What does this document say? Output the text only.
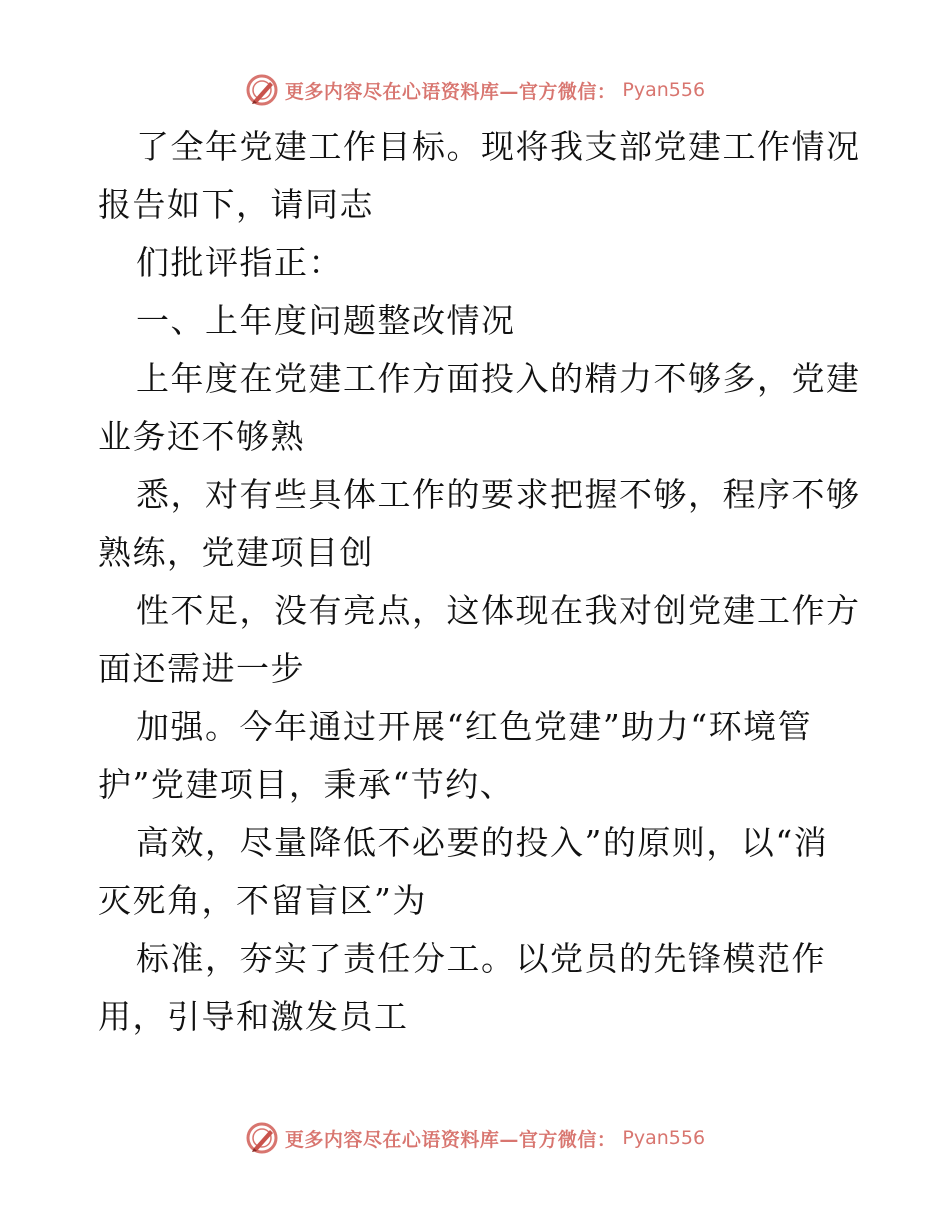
更多内容尽在心语资料库—官方微信： Pyan556
了全年党建工作目标。现将我支部党建工作情况
报告如下，请同志
们批评指正：
一、上年度问题整改情况
上年度在党建工作方面投入的精力不够多，党建
业务还不够熟
悉，对有些具体工作的要求把握不够，程序不够
熟练，党建项目创
性不足，没有亮点，这体现在我对创党建工作方
面还需进一步
加强。今年通过开展“红色党建”助力“环境管
护”党建项目，秉承“节约、
高效，尽量降低不必要的投入”的原则，以“消
灭死角，不留盲区”为
标准，夯实了责任分工。以党员的先锋模范作
用，引导和激发员工
更多内容尽在心语资料库—官方微信： Pyan556
